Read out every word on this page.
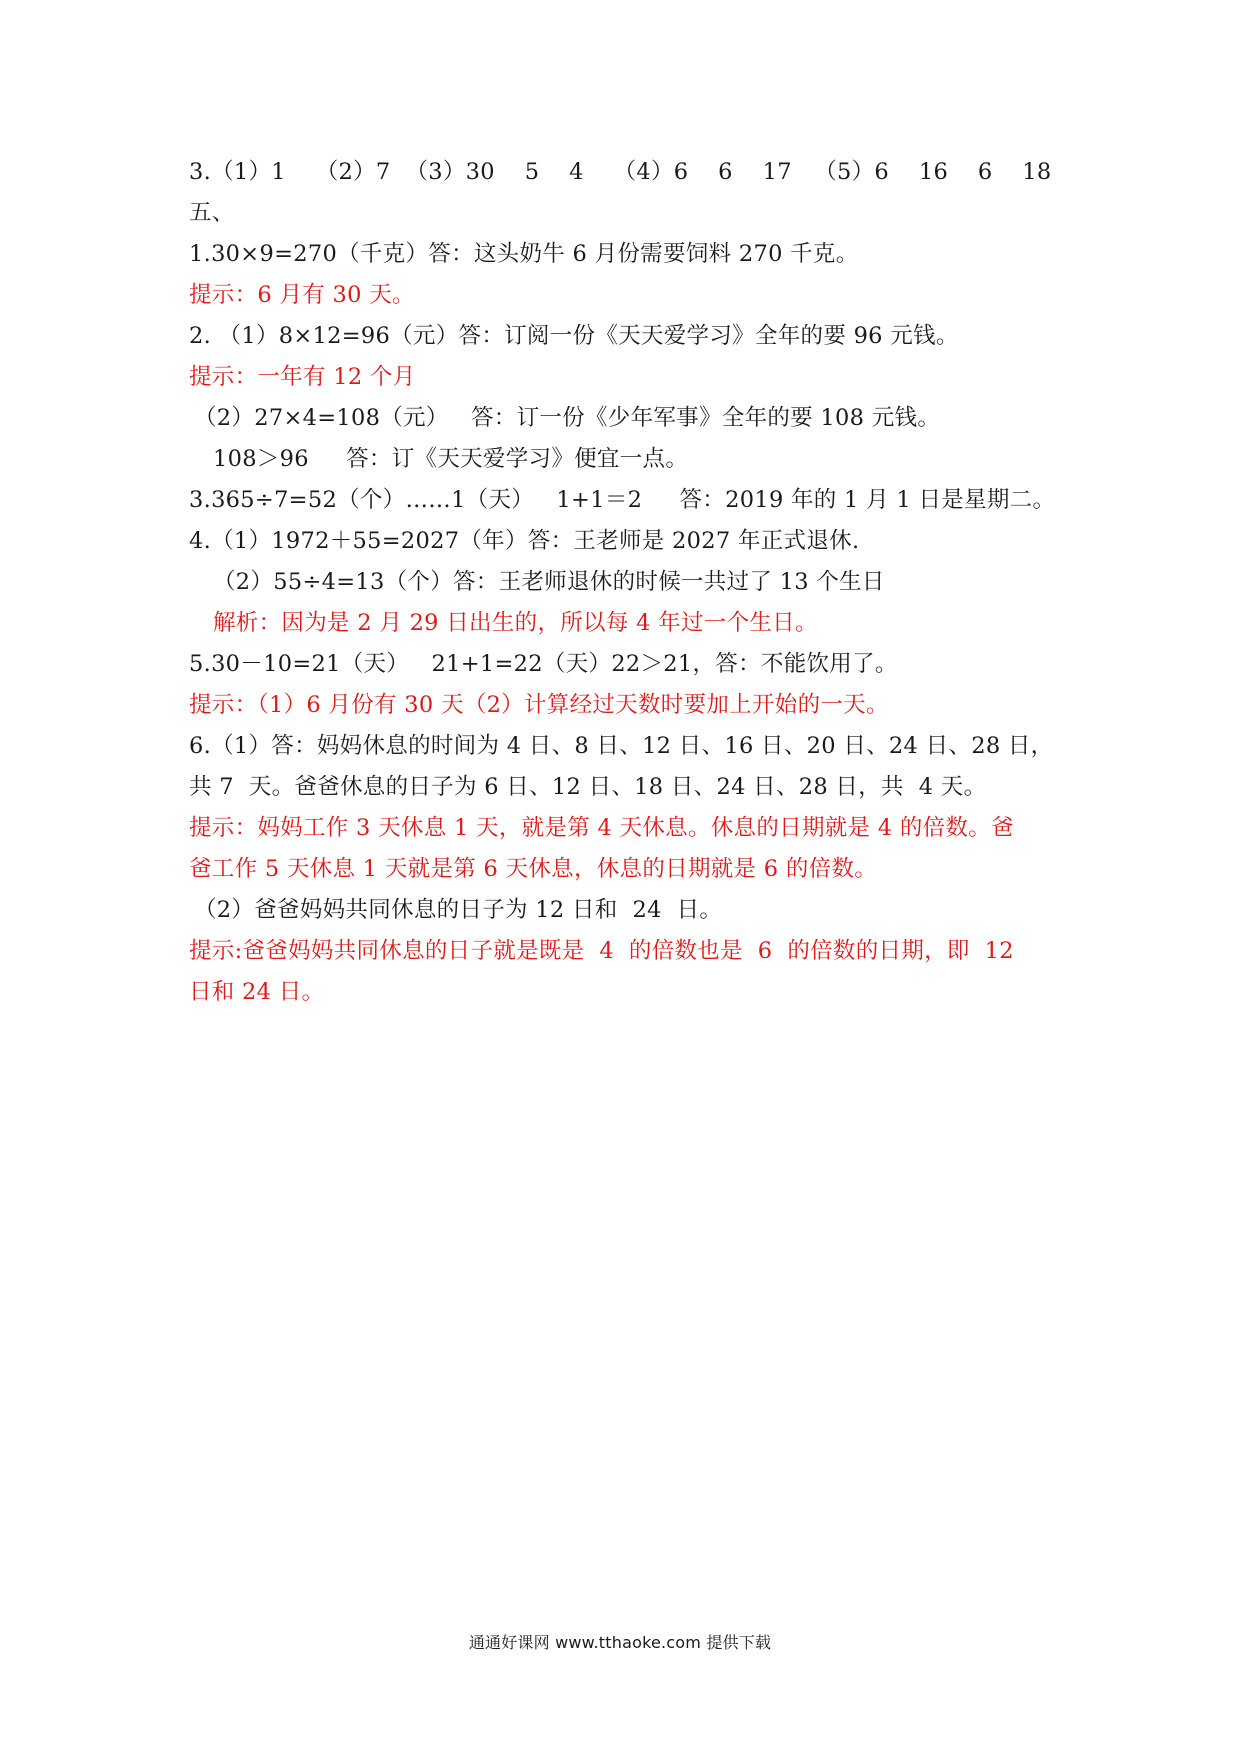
3.（1）1    （2）7  （3）30    5    4    （4）6    6    17   （5）6    16    6    18
五、
1.30×9=270（千克）答：这头奶牛 6 月份需要饲料 270 千克。
提示：6 月有 30 天。
2. （1）8×12=96（元）答：订阅一份《天天爱学习》全年的要 96 元钱。
提示：一年有 12 个月
（2）27×4=108（元）   答：订一份《少年军事》全年的要 108 元钱。
108＞96     答：订《天天爱学习》便宜一点。
3.365÷7=52（个）……1（天）   1+1＝2     答：2019 年的 1 月 1 日是星期二。
4.（1）1972＋55=2027（年）答：王老师是 2027 年正式退休.
（2）55÷4=13（个）答：王老师退休的时候一共过了 13 个生日
解析：因为是 2 月 29 日出生的，所以每 4 年过一个生日。
5.30－10=21（天）   21+1=22（天）22＞21，答：不能饮用了。
提示：（1）6 月份有 30 天（2）计算经过天数时要加上开始的一天。
6.（1）答：妈妈休息的时间为 4 日、8 日、12 日、16 日、20 日、24 日、28 日，
共 7  天。爸爸休息的日子为 6 日、12 日、18 日、24 日、28 日，共  4 天。
提示：妈妈工作 3 天休息 1 天，就是第 4 天休息。休息的日期就是 4 的倍数。爸
爸工作 5 天休息 1 天就是第 6 天休息，休息的日期就是 6 的倍数。
（2）爸爸妈妈共同休息的日子为 12 日和  24  日。
提示:爸爸妈妈共同休息的日子就是既是  4  的倍数也是  6  的倍数的日期，即  12
日和 24 日。
通通好课网 www.tthaoke.com 提供下载
